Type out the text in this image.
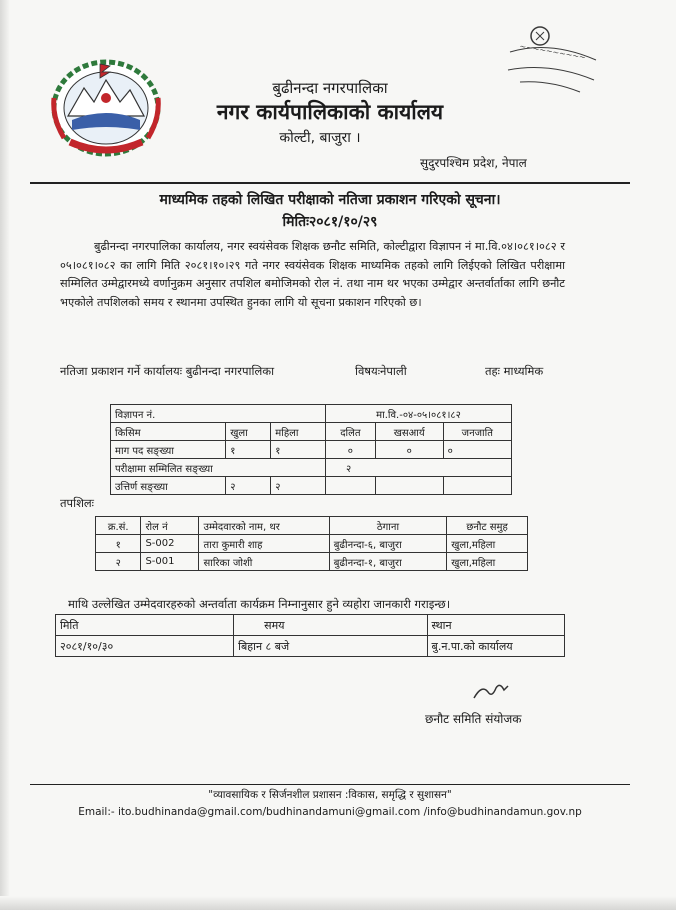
~~~~~~~~~~
बुढीनन्दा नगरपालिका
नगर कार्यपालिकाको कार्यालय
कोल्टी, बाजुरा ।
सुदुरपश्चिम प्रदेश, नेपाल
माध्यमिक तहको लिखित परीक्षाको नतिजा प्रकाशन गरिएको सूचना।
मितिः२०८१/१०/२९
बुढीनन्दा नगरपालिका कार्यालय, नगर स्वयंसेवक शिक्षक छनौट समिति, कोल्टीद्वारा विज्ञापन नं मा.वि.०४।०८१।०८२ र ०५।०८१।०८२ का लागि मिति २०८१।१०।२९ गते नगर स्वयंसेवक शिक्षक माध्यमिक तहको लागि लिईएको लिखित परीक्षामा सम्मिलित उम्मेद्वारमध्ये वर्णानुक्रम अनुसार तपशिल बमोजिमको रोल नं. तथा नाम थर भएका उम्मेद्वार अन्तर्वार्ताका लागि छनौट भएकोले तपशिलको समय र स्थानमा उपस्थित हुनका लागि यो सूचना प्रकाशन गरिएको छ।
नतिजा प्रकाशन गर्ने कार्यालयः बुढीनन्दा नगरपालिका	विषयःनेपाली	तहः माध्यमिक
विज्ञापन नं.			मा.वि.-०४-०५।०८१।८२		
किसिम	खुला	महिला	दलित	खसआर्य	जनजाति
माग पद सङ्ख्या	१	१	०	०	०
परीक्षामा सम्मिलित सङ्ख्या			२		
उत्तिर्ण सङ्ख्या	२	२			
तपशिलः
क्र.सं.	रोल नं	उम्मेदवारको नाम, थर	ठेगाना	छनौट समुह
१	S-002	तारा कुमारी शाह	बुढीनन्दा-६, बाजुरा	खुला,महिला
२	S-001	सारिका जोशी	बुढीनन्दा-१, बाजुरा	खुला,महिला
माथि उल्लेखित उम्मेदवारहरुको अन्तर्वाता कार्यक्रम निम्नानुसार हुने व्यहोरा जानकारी गराइन्छ।
मिति	समय	स्थान
२०८१/१०/३०	बिहान ८ बजे	बु.न.पा.को कार्यालय
छनौट समिति संयोजक
"व्यावसायिक र सिर्जनशील प्रशासन :विकास, समृद्धि र सुशासन"
Email:- ito.budhinanda@gmail.com/budhinandamuni@gmail.com /info@budhinandamun.gov.np
